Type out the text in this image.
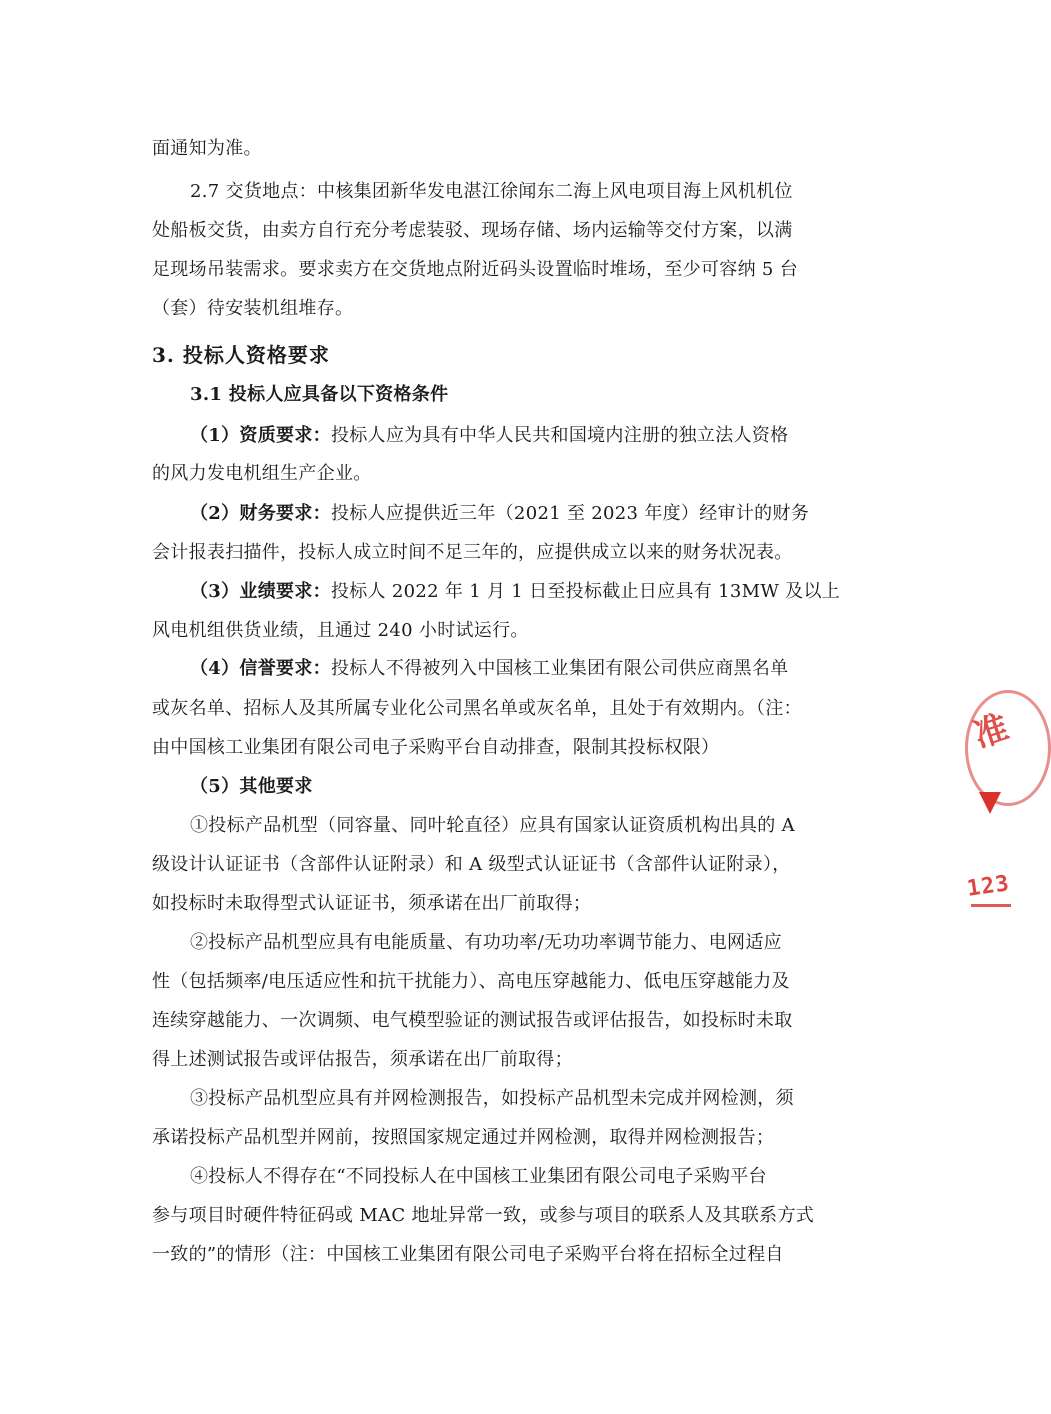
面通知为准。
2.7 交货地点：中核集团新华发电湛江徐闻东二海上风电项目海上风机机位
处船板交货，由卖方自行充分考虑装驳、现场存储、场内运输等交付方案，以满
足现场吊装需求。要求卖方在交货地点附近码头设置临时堆场，至少可容纳 5 台
（套）待安装机组堆存。
3. 投标人资格要求
3.1 投标人应具备以下资格条件
（1）资质要求：投标人应为具有中华人民共和国境内注册的独立法人资格
的风力发电机组生产企业。
（2）财务要求：投标人应提供近三年（2021 至 2023 年度）经审计的财务
会计报表扫描件，投标人成立时间不足三年的，应提供成立以来的财务状况表。
（3）业绩要求：投标人 2022 年 1 月 1 日至投标截止日应具有 13MW 及以上
风电机组供货业绩，且通过 240 小时试运行。
（4）信誉要求：投标人不得被列入中国核工业集团有限公司供应商黑名单
或灰名单、招标人及其所属专业化公司黑名单或灰名单，且处于有效期内。（注：
由中国核工业集团有限公司电子采购平台自动排查，限制其投标权限）
（5）其他要求
①投标产品机型（同容量、同叶轮直径）应具有国家认证资质机构出具的 A
级设计认证证书（含部件认证附录）和 A 级型式认证证书（含部件认证附录），
如投标时未取得型式认证证书，须承诺在出厂前取得；
②投标产品机型应具有电能质量、有功功率/无功功率调节能力、电网适应
性（包括频率/电压适应性和抗干扰能力）、高电压穿越能力、低电压穿越能力及
连续穿越能力、一次调频、电气模型验证的测试报告或评估报告，如投标时未取
得上述测试报告或评估报告，须承诺在出厂前取得；
③投标产品机型应具有并网检测报告，如投标产品机型未完成并网检测，须
承诺投标产品机型并网前，按照国家规定通过并网检测，取得并网检测报告；
④投标人不得存在“不同投标人在中国核工业集团有限公司电子采购平台
参与项目时硬件特征码或 MAC 地址异常一致，或参与项目的联系人及其联系方式
一致的”的情形（注：中国核工业集团有限公司电子采购平台将在招标全过程自
准
123
